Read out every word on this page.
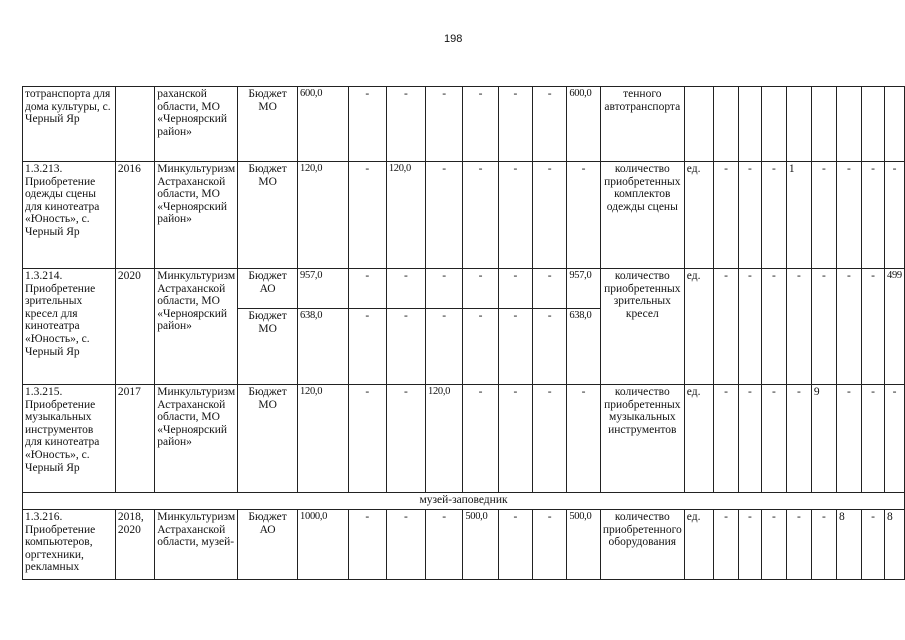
198
тотранспорта для дома культуры, с. Черный Яр		раханской области, МО «Черноярский район»	Бюджет МО	600,0	-	-	-	-	-	-	600,0	тенного автотранспорта									
1.3.213. Приобретение одежды сцены для кинотеатра «Юность», с. Черный Яр	2016	Минкультуризм Астраханской области, МО «Черноярский район»	Бюджет МО	120,0	-	120,0	-	-	-	-	-	количество приобретенных комплектов одежды сцены	ед.	-	-	-	1	-	-	-	-
1.3.214. Приобретение зрительных кресел для кинотеатра «Юность», с. Черный Яр	2020	Минкультуризм Астраханской области, МО «Черноярский район»	Бюджет АО	957,0	-	-	-	-	-	-	957,0	количество приобретенных зрительных кресел	ед.	-	-	-	-	-	-	-	499
			Бюджет МО	638,0	-	-	-	-	-	-	638,0										
1.3.215. Приобретение музыкальных инструментов для кинотеатра «Юность», с. Черный Яр	2017	Минкультуризм Астраханской области, МО «Черноярский район»	Бюджет МО	120,0	-	-	120,0	-	-	-	-	количество приобретенных музыкальных инструментов	ед.	-	-	-	-	9	-	-	-
музей-заповедник																					
1.3.216. Приобретение компьютеров, оргтехники, рекламных	2018, 2020	Минкультуризм Астраханской области, музей-	Бюджет АО	1000,0	-	-	-	500,0	-	-	500,0	количество приобретенного оборудования	ед.	-	-	-	-	-	8	-	8
